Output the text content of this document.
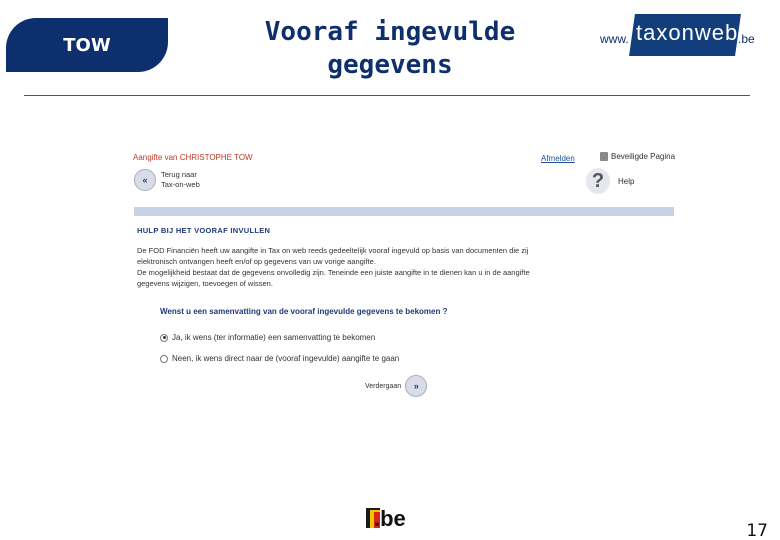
TOW	Vooraf ingevulde
gegevens
www. taxonweb .be
Aangifte van CHRISTOPHE TOW	Afmelden	Beveiligde Pagina
«
Terug naar
Tax-on-web	?	Help
HULP BIJ HET VOORAF INVULLEN
De FOD Financiën heeft uw aangifte in Tax on web reeds gedeeltelijk vooraf ingevuld op basis van documenten die zij
elektronisch ontvangen heeft en/of op gegevens van uw vorige aangifte.
De mogelijkheid bestaat dat de gegevens onvolledig zijn. Teneinde een juiste aangifte in te dienen kan u in de aangifte
gegevens wijzigen, toevoegen of wissen.
Wenst u een samenvatting van de vooraf ingevulde gegevens te bekomen ?
Ja, ik wens (ter informatie) een samenvatting te bekomen
Neen, ik wens direct naar de (vooraf ingevulde) aangifte te gaan
Verdergaan	»
.be	17
